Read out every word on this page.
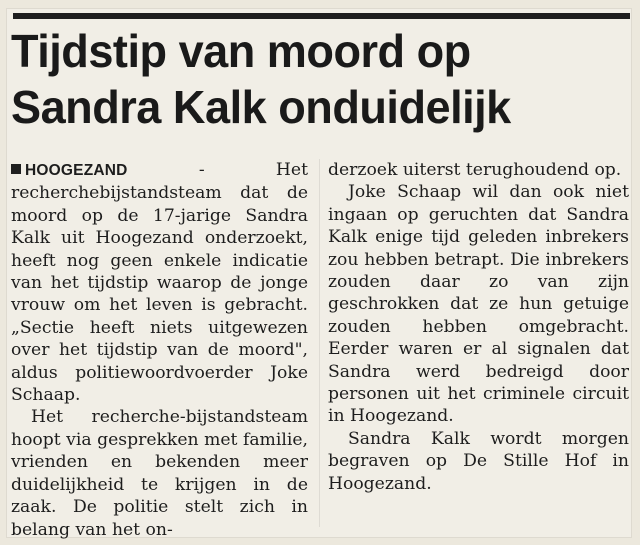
Tijdstip van moord op Sandra Kalk onduidelijk

HOOGEZAND - Het recherchebijstandsteam dat de moord op de 17-jarige Sandra Kalk uit Hoogezand onderzoekt, heeft nog geen enkele indicatie van het tijdstip waarop de jonge vrouw om het leven is gebracht. „Sectie heeft niets uitgewezen over het tijdstip van de moord", aldus politiewoordvoerder Joke Schaap.

Het recherche-bijstandsteam hoopt via gesprekken met familie, vrienden en bekenden meer duidelijkheid te krijgen in de zaak. De politie stelt zich in belang van het on-

derzoek uiterst terughoudend op.

Joke Schaap wil dan ook niet ingaan op geruchten dat Sandra Kalk enige tijd geleden inbrekers zou hebben betrapt. Die inbrekers zouden daar zo van zijn geschrokken dat ze hun getuige zouden hebben omgebracht. Eerder waren er al signalen dat Sandra werd bedreigd door personen uit het criminele circuit in Hoogezand.

Sandra Kalk wordt morgen begraven op De Stille Hof in Hoogezand.
